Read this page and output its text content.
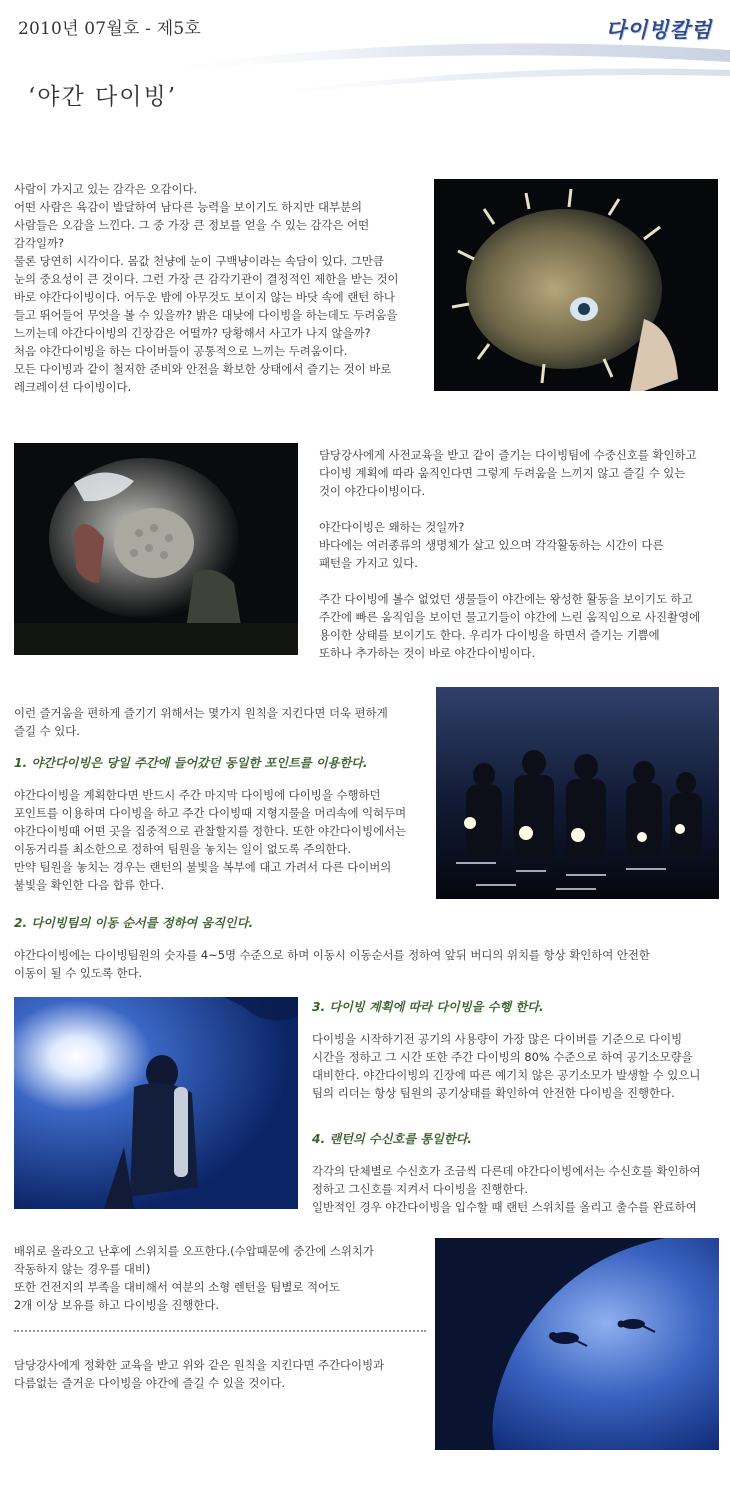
2010년 07월호 - 제5호	다이빙칼럼
‘야간 다이빙’

사람이 가지고 있는 감각은 오감이다.

어떤 사람은 육감이 발달하여 남다른 능력을 보이기도 하지만 대부분의

사람들은 오감을 느낀다. 그 중 가장 큰 정보를 얻을 수 있는 감각은 어떤

감각일까?

물론 당연히 시각이다. 몸값 천냥에 눈이 구백냥이라는 속담이 있다. 그만큼

눈의 중요성이 큰 것이다. 그런 가장 큰 감각기관이 결정적인 제한을 받는 것이

바로 야간다이빙이다. 어두운 밤에 아무것도 보이지 않는 바닷 속에 랜턴 하나

들고 뛰어들어 무엇을 볼 수 있을까? 밝은 대낮에 다이빙을 하는데도 두려움을

느끼는데 야간다이빙의 긴장감은 어떨까? 당황해서 사고가 나지 않을까?

처음 야간다이빙을 하는 다이버들이 공통적으로 느끼는 두려움이다.

모든 다이빙과 같이 철저한 준비와 안전을 확보한 상태에서 즐기는 것이 바로

레크레이션 다이빙이다.

담당강사에게 사전교육을 받고 같이 즐기는 다이빙팀에 수중신호를 확인하고

다이빙 계획에 따라 움직인다면 그렇게 두려움을 느끼지 않고 즐길 수 있는

것이 야간다이빙이다.

야간다이빙은 왜하는 것일까?

바다에는 여러종류의 생명체가 살고 있으며 각각활동하는 시간이 다른

패턴을 가지고 있다.

주간 다이빙에 볼수 없었던 생물들이 야간에는 왕성한 활동을 보이기도 하고

주간에 빠른 움직임을 보이던 물고기들이 야간에 느린 움직임으로 사진촬영에

용이한 상태를 보이기도 한다. 우리가 다이빙을 하면서 즐기는 기쁨에

또하나 추가하는 것이 바로 야간다이빙이다.

이런 즐거움을 편하게 즐기기 위해서는 몇가지 원칙을 지킨다면 더욱 편하게

즐길 수 있다.

1. 야간다이빙은 당일 주간에 들어갔던 동일한 포인트를 이용한다.

야간다이빙을 계획한다면 반드시 주간 마지막 다이빙에 다이빙을 수행하던

포인트를 이용하며 다이빙을 하고 주간 다이빙때 지형지물을 머리속에 익혀두며

야간다이빙때 어떤 곳을 집중적으로 관찰할지를 정한다. 또한 야간다이빙에서는

이동거리를 최소한으로 정하여 팀원을 놓치는 일이 없도록 주의한다.

만약 팀원을 놓치는 경우는 랜턴의 불빛을 복부에 대고 가려서 다른 다이버의

불빛을 확인한 다음 합류 한다.

2. 다이빙팀의 이동 순서를 정하여 움직인다.

야간다이빙에는 다이빙팀원의 숫자를 4~5명 수준으로 하며 이동시 이동순서를 정하여 앞뒤 버디의 위치를 항상 확인하여 안전한

이동이 될 수 있도록 한다.

3. 다이빙 계획에 따라 다이빙을 수행 한다.

다이빙을 시작하기전 공기의 사용량이 가장 많은 다이버를 기준으로 다이빙

시간을 정하고 그 시간 또한 주간 다이빙의 80% 수준으로 하여 공기소모량을

대비한다. 야간다이빙의 긴장에 따른 예기치 않은 공기소모가 발생할 수 있으니

팀의 리더는 항상 팀원의 공기상태를 확인하여 안전한 다이빙을 진행한다.

4. 랜턴의 수신호를 통일한다.

각각의 단체별로 수신호가 조금씩 다른데 야간다이빙에서는 수신호를 확인하여

정하고 그신호를 지켜서 다이빙을 진행한다.

일반적인 경우 야간다이빙을 입수할 때 랜턴 스위치를 올리고 출수를 완료하여

배위로 올라오고 난후에 스위치를 오프한다.(수압때문에 중간에 스위치가

작동하지 않는 경우를 대비)

또한 건전지의 부족을 대비해서 여분의 소형 렌턴을 팀별로 적어도

2개 이상 보유를 하고 다이빙을 진행한다.

담당강사에게 정확한 교육을 받고 위와 같은 원칙을 지킨다면 주간다이빙과

다름없는 즐거운 다이빙을 야간에 즐길 수 있을 것이다.
